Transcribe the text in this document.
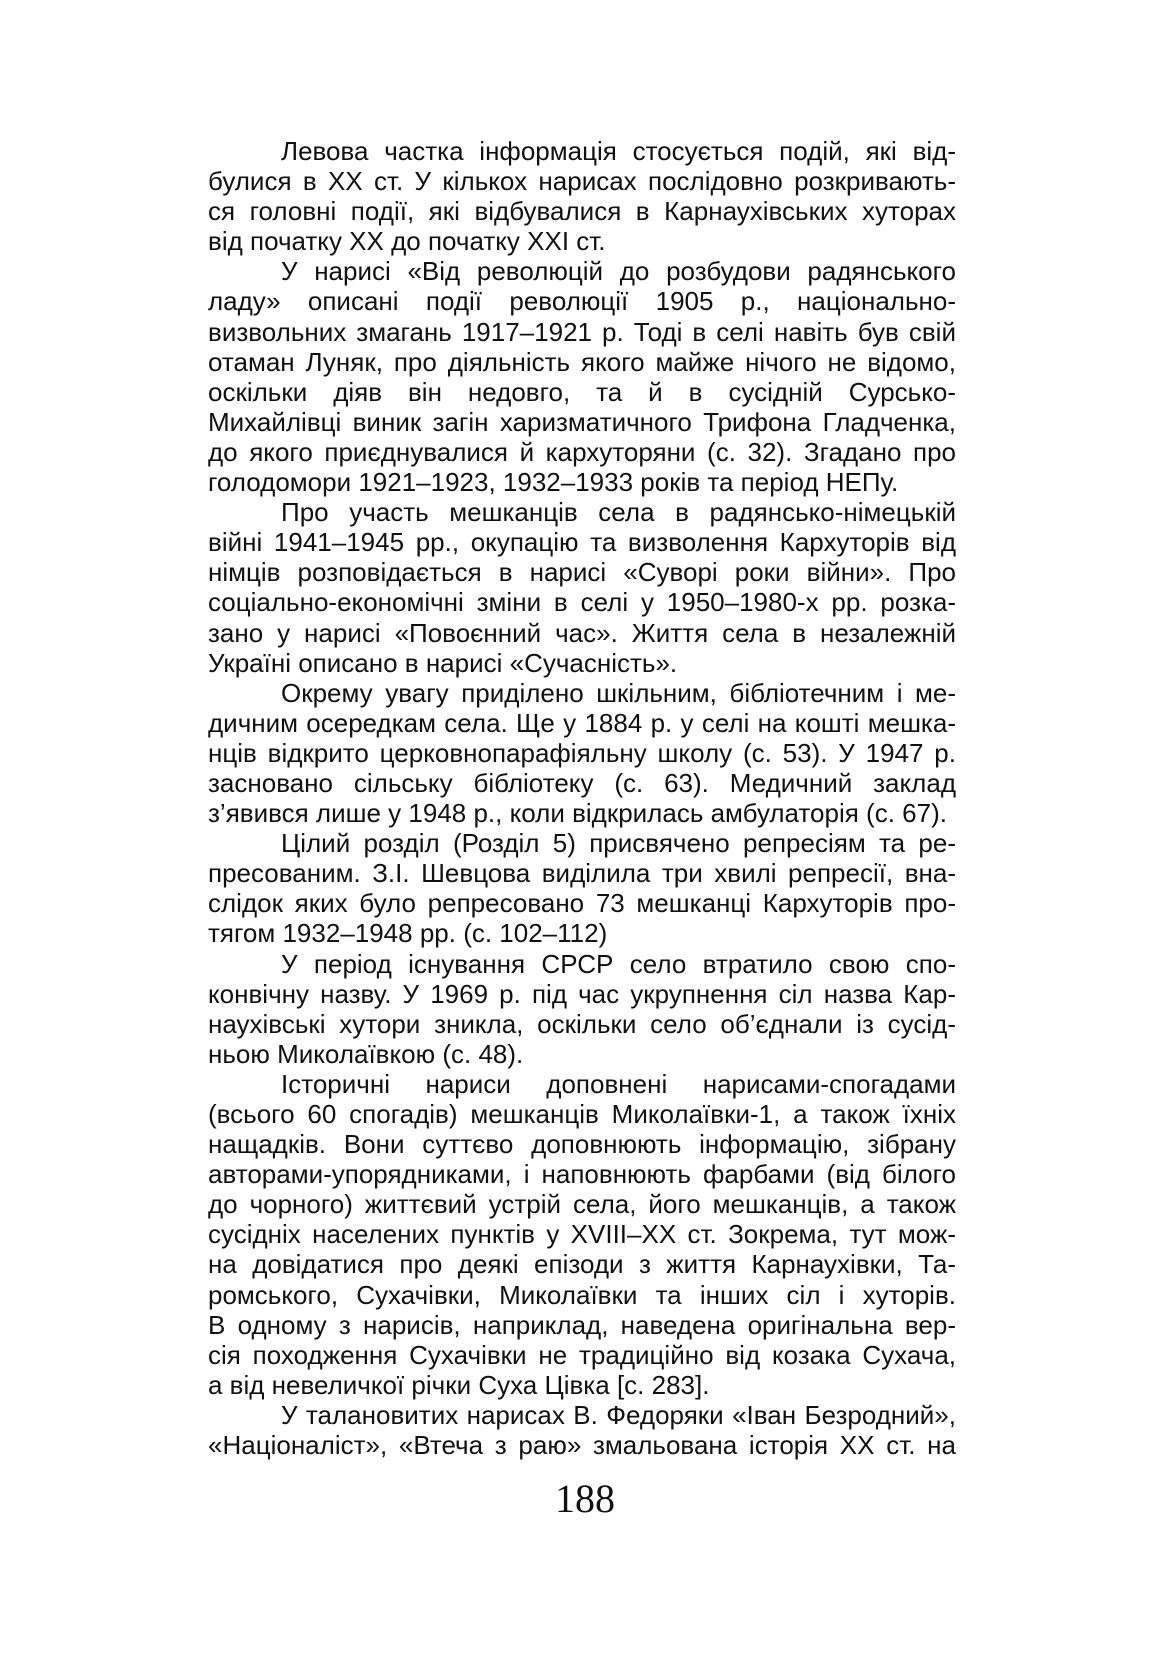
Левова частка інформація стосується подій, які від-
булися в ХХ ст. У кількох нарисах послідовно розкривають-
ся головні події, які відбувалися в Карнаухівських хуторах
від початку ХХ до початку ХХІ ст.
У нарисі «Від революцій до розбудови радянського
ладу» описані події революції 1905 р., національно-
визвольних змагань 1917–1921 р. Тоді в селі навіть був свій
отаман Луняк, про діяльність якого майже нічого не відомо,
оскільки діяв він недовго, та й в сусідній Сурсько-
Михайлівці виник загін харизматичного Трифона Гладченка,
до якого приєднувалися й кархуторяни (с. 32). Згадано про
голодомори 1921–1923, 1932–1933 років та період НЕПу.
Про участь мешканців села в радянсько-німецькій
війні 1941–1945 рр., окупацію та визволення Кархуторів від
німців розповідається в нарисі «Суворі роки війни». Про
соціально-економічні зміни в селі у 1950–1980-х рр. розка-
зано у нарисі «Повоєнний час». Життя села в незалежній
Україні описано в нарисі «Сучасність».
Окрему увагу приділено шкільним, бібліотечним і ме-
дичним осередкам села. Ще у 1884 р. у селі на кошті мешка-
нців відкрито церковнопарафіяльну школу (с. 53). У 1947 р.
засновано сільську бібліотеку (с. 63). Медичний заклад
з’явився лише у 1948 р., коли відкрилась амбулаторія (с. 67).
Цілий розділ (Розділ 5) присвячено репресіям та ре-
пресованим. З.І. Шевцова виділила три хвилі репресії, вна-
слідок яких було репресовано 73 мешканці Кархуторів про-
тягом 1932–1948 рр. (с. 102–112)
У період існування СРСР село втратило свою спо-
конвічну назву. У 1969 р. під час укрупнення сіл назва Кар-
наухівські хутори зникла, оскільки село об’єднали із сусід-
ньою Миколаївкою (с. 48).
Історичні нариси доповнені нарисами-спогадами
(всього 60 спогадів) мешканців Миколаївки-1, а також їхніх
нащадків. Вони суттєво доповнюють інформацію, зібрану
авторами-упорядниками, і наповнюють фарбами (від білого
до чорного) життєвий устрій села, його мешканців, а також
сусідніх населених пунктів у XVIII–XX ст. Зокрема, тут мож-
на довідатися про деякі епізоди з життя Карнаухівки, Та-
ромського, Сухачівки, Миколаївки та інших сіл і хуторів.
В одному з нарисів, наприклад, наведена оригінальна вер-
сія походження Сухачівки не традиційно від козака Сухача,
а від невеличкої річки Суха Цівка [с. 283].
У талановитих нарисах В. Федоряки «Іван Безродний»,
«Націоналіст», «Втеча з раю» змальована історія ХХ ст. на
188
